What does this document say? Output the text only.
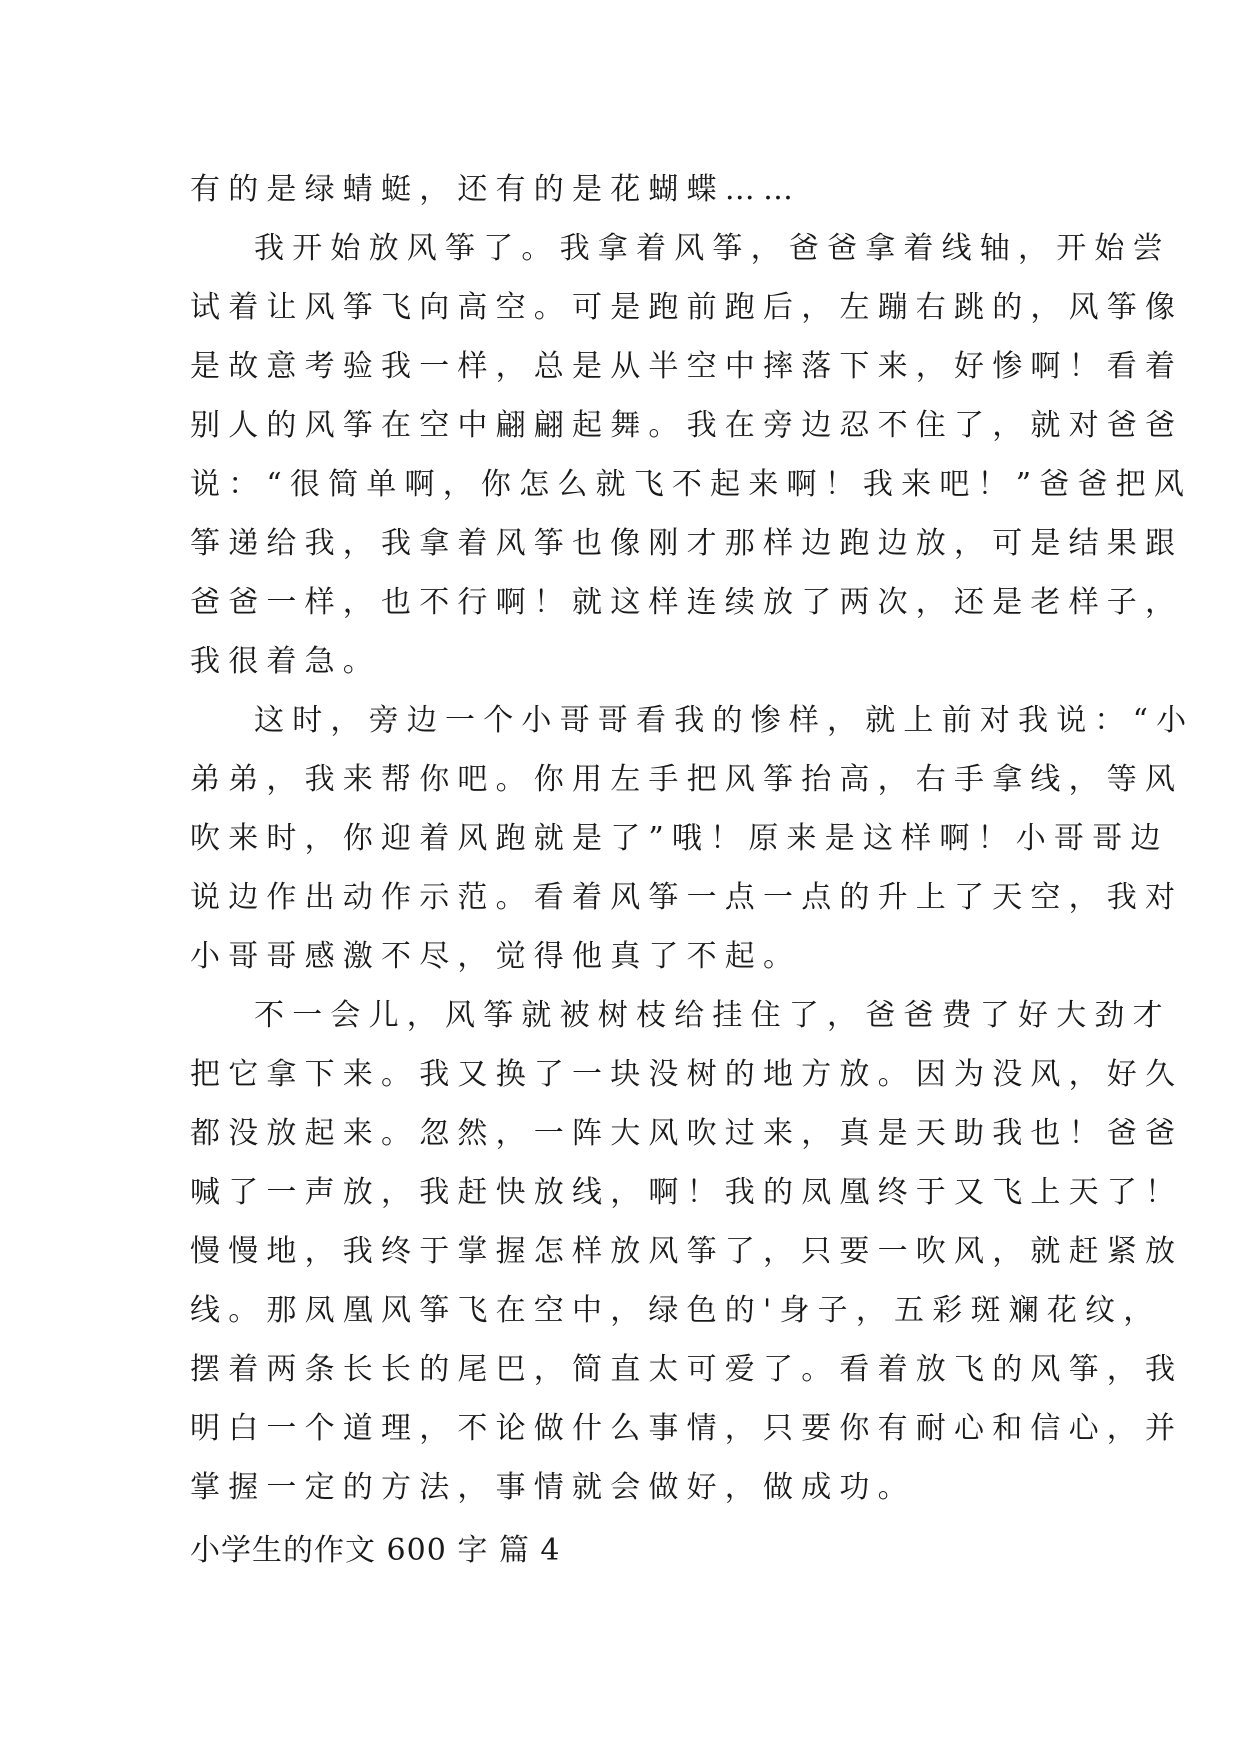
有的是绿蜻蜓，还有的是花蝴蝶……
我开始放风筝了。我拿着风筝，爸爸拿着线轴，开始尝
试着让风筝飞向高空。可是跑前跑后，左蹦右跳的，风筝像
是故意考验我一样，总是从半空中摔落下来，好惨啊！看着
别人的风筝在空中翩翩起舞。我在旁边忍不住了，就对爸爸
说：“很简单啊，你怎么就飞不起来啊！我来吧！”爸爸把风
筝递给我，我拿着风筝也像刚才那样边跑边放，可是结果跟
爸爸一样，也不行啊！就这样连续放了两次，还是老样子，
我很着急。
这时，旁边一个小哥哥看我的惨样，就上前对我说：“小
弟弟，我来帮你吧。你用左手把风筝抬高，右手拿线，等风
吹来时，你迎着风跑就是了”哦！原来是这样啊！小哥哥边
说边作出动作示范。看着风筝一点一点的升上了天空，我对
小哥哥感激不尽，觉得他真了不起。
不一会儿，风筝就被树枝给挂住了，爸爸费了好大劲才
把它拿下来。我又换了一块没树的地方放。因为没风，好久
都没放起来。忽然，一阵大风吹过来，真是天助我也！爸爸
喊了一声放，我赶快放线，啊！我的凤凰终于又飞上天了！
慢慢地，我终于掌握怎样放风筝了，只要一吹风，就赶紧放
线。那凤凰风筝飞在空中，绿色的'身子，五彩斑斓花纹，
摆着两条长长的尾巴，简直太可爱了。看着放飞的风筝，我
明白一个道理，不论做什么事情，只要你有耐心和信心，并
掌握一定的方法，事情就会做好，做成功。
小学生的作文 600 字 篇 4
